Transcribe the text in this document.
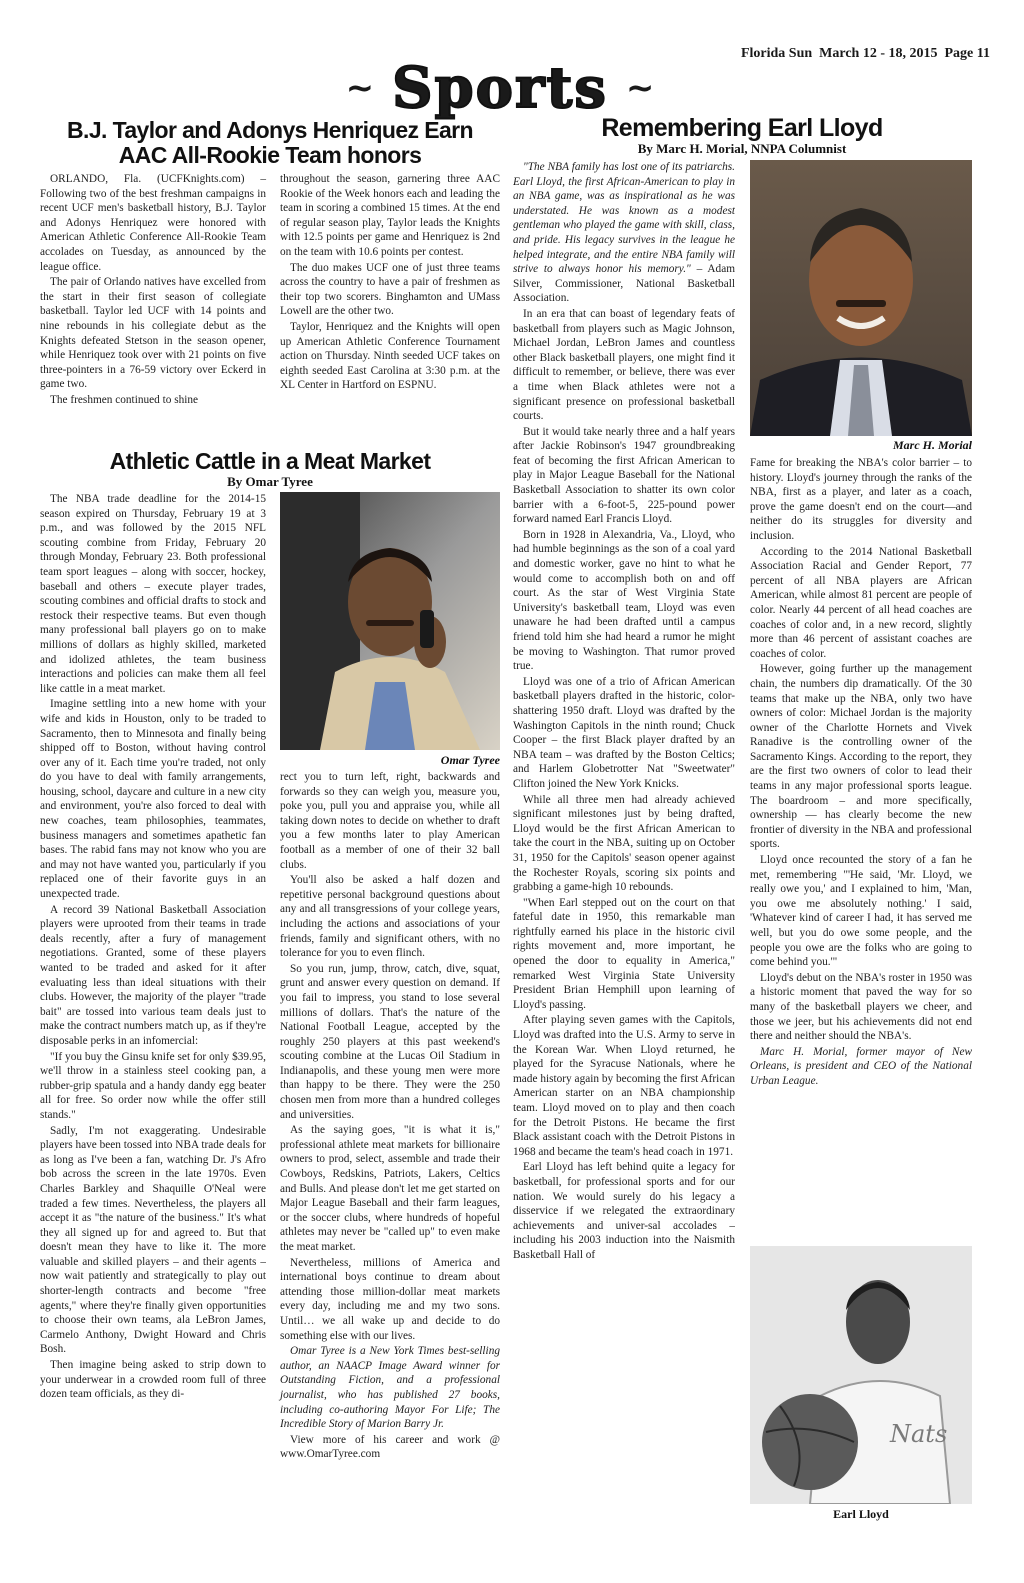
Florida Sun  March 12 - 18, 2015  Page 11
~ Sports ~
B.J. Taylor and Adonys Henriquez Earn
AAC All-Rookie Team honors

ORLANDO, Fla. (UCFKnights.com) – Following two of the best freshman campaigns in recent UCF men's basketball history, B.J. Taylor and Adonys Henriquez were honored with American Athletic Conference All-Rookie Team accolades on Tuesday, as announced by the league office.

The pair of Orlando natives have excelled from the start in their first season of collegiate basketball. Taylor led UCF with 14 points and nine rebounds in his collegiate debut as the Knights defeated Stetson in the season opener, while Henriquez took over with 21 points on five three-pointers in a 76-59 victory over Eckerd in game two.

The freshmen continued to shine

throughout the season, garnering three AAC Rookie of the Week honors each and leading the team in scoring a combined 15 times. At the end of regular season play, Taylor leads the Knights with 12.5 points per game and Henriquez is 2nd on the team with 10.6 points per contest.

The duo makes UCF one of just three teams across the country to have a pair of freshmen as their top two scorers. Binghamton and UMass Lowell are the other two.

Taylor, Henriquez and the Knights will open up American Athletic Conference Tournament action on Thursday. Ninth seeded UCF takes on eighth seeded East Carolina at 3:30 p.m. at the XL Center in Hartford on ESPNU.

Athletic Cattle in a Meat Market
By Omar Tyree

The NBA trade deadline for the 2014-15 season expired on Thursday, February 19 at 3 p.m., and was followed by the 2015 NFL scouting combine from Friday, February 20 through Monday, February 23. Both professional team sport leagues – along with soccer, hockey, baseball and others – execute player trades, scouting combines and official drafts to stock and restock their respective teams. But even though many professional ball players go on to make millions of dollars as highly skilled, marketed and idolized athletes, the team business interactions and policies can make them all feel like cattle in a meat market.

Imagine settling into a new home with your wife and kids in Houston, only to be traded to Sacramento, then to Minnesota and finally being shipped off to Boston, without having control over any of it. Each time you're traded, not only do you have to deal with family arrangements, housing, school, daycare and culture in a new city and environment, you're also forced to deal with new coaches, team philosophies, teammates, business managers and sometimes apathetic fan bases. The rabid fans may not know who you are and may not have wanted you, particularly if you replaced one of their favorite guys in an unexpected trade.

A record 39 National Basketball Association players were uprooted from their teams in trade deals recently, after a fury of management negotiations. Granted, some of these players wanted to be traded and asked for it after evaluating less than ideal situations with their clubs. However, the majority of the player "trade bait" are tossed into various team deals just to make the contract numbers match up, as if they're disposable perks in an infomercial:

"If you buy the Ginsu knife set for only $39.95, we'll throw in a stainless steel cooking pan, a rubber-grip spatula and a handy dandy egg beater all for free. So order now while the offer still stands."

Sadly, I'm not exaggerating. Undesirable players have been tossed into NBA trade deals for as long as I've been a fan, watching Dr. J's Afro bob across the screen in the late 1970s. Even Charles Barkley and Shaquille O'Neal were traded a few times. Nevertheless, the players all accept it as "the nature of the business." It's what they all signed up for and agreed to. But that doesn't mean they have to like it. The more valuable and skilled players – and their agents – now wait patiently and strategically to play out shorter-length contracts and become "free agents," where they're finally given opportunities to choose their own teams, ala LeBron James, Carmelo Anthony, Dwight Howard and Chris Bosh.

Then imagine being asked to strip down to your underwear in a crowded room full of three dozen team officials, as they di-

Omar Tyree

rect you to turn left, right, backwards and forwards so they can weigh you, measure you, poke you, pull you and appraise you, while all taking down notes to decide on whether to draft you a few months later to play American football as a member of one of their 32 ball clubs.

You'll also be asked a half dozen and repetitive personal background questions about any and all transgressions of your college years, including the actions and associations of your friends, family and significant others, with no tolerance for you to even flinch.

So you run, jump, throw, catch, dive, squat, grunt and answer every question on demand. If you fail to impress, you stand to lose several millions of dollars. That's the nature of the National Football League, accepted by the roughly 250 players at this past weekend's scouting combine at the Lucas Oil Stadium in Indianapolis, and these young men were more than happy to be there. They were the 250 chosen men from more than a hundred colleges and universities.

As the saying goes, "it is what it is," professional athlete meat markets for billionaire owners to prod, select, assemble and trade their Cowboys, Redskins, Patriots, Lakers, Celtics and Bulls. And please don't let me get started on Major League Baseball and their farm leagues, or the soccer clubs, where hundreds of hopeful athletes may never be "called up" to even make the meat market.

Nevertheless, millions of America and international boys continue to dream about attending those million-dollar meat markets every day, including me and my two sons. Until… we all wake up and decide to do something else with our lives.

Omar Tyree is a New York Times best-selling author, an NAACP Image Award winner for Outstanding Fiction, and a professional journalist, who has published 27 books, including co-authoring Mayor For Life; The Incredible Story of Marion Barry Jr.

View more of his career and work @ www.OmarTyree.com

Remembering Earl Lloyd
By Marc H. Morial, NNPA Columnist

"The NBA family has lost one of its patriarchs. Earl Lloyd, the first African-American to play in an NBA game, was as inspirational as he was understated. He was known as a modest gentleman who played the game with skill, class, and pride. His legacy survives in the league he helped integrate, and the entire NBA family will strive to always honor his memory." – Adam Silver, Commissioner, National Basketball Association.

In an era that can boast of legendary feats of basketball from players such as Magic Johnson, Michael Jordan, LeBron James and countless other Black basketball players, one might find it difficult to remember, or believe, there was ever a time when Black athletes were not a significant presence on professional basketball courts.

But it would take nearly three and a half years after Jackie Robinson's 1947 groundbreaking feat of becoming the first African American to play in Major League Baseball for the National Basketball Association to shatter its own color barrier with a 6-foot-5, 225-pound power forward named Earl Francis Lloyd.

Born in 1928 in Alexandria, Va., Lloyd, who had humble beginnings as the son of a coal yard and domestic worker, gave no hint to what he would come to accomplish both on and off court. As the star of West Virginia State University's basketball team, Lloyd was even unaware he had been drafted until a campus friend told him she had heard a rumor he might be moving to Washington. That rumor proved true.

Lloyd was one of a trio of African American basketball players drafted in the historic, color-shattering 1950 draft. Lloyd was drafted by the Washington Capitols in the ninth round; Chuck Cooper – the first Black player drafted by an NBA team – was drafted by the Boston Celtics; and Harlem Globetrotter Nat "Sweetwater" Clifton joined the New York Knicks.

While all three men had already achieved significant milestones just by being drafted, Lloyd would be the first African American to take the court in the NBA, suiting up on October 31, 1950 for the Capitols' season opener against the Rochester Royals, scoring six points and grabbing a game-high 10 rebounds.

"When Earl stepped out on the court on that fateful date in 1950, this remarkable man rightfully earned his place in the historic civil rights movement and, more important, he opened the door to equality in America," remarked West Virginia State University President Brian Hemphill upon learning of Lloyd's passing.

After playing seven games with the Capitols, Lloyd was drafted into the U.S. Army to serve in the Korean War. When Lloyd returned, he played for the Syracuse Nationals, where he made history again by becoming the first African American starter on an NBA championship team. Lloyd moved on to play and then coach for the Detroit Pistons. He became the first Black assistant coach with the Detroit Pistons in 1968 and became the team's head coach in 1971.

Earl Lloyd has left behind quite a legacy for basketball, for professional sports and for our nation. We would surely do his legacy a disservice if we relegated the extraordinary achievements and univer-sal accolades – including his 2003 induction into the Naismith Basketball Hall of

Marc H. Morial

Fame for breaking the NBA's color barrier – to history. Lloyd's journey through the ranks of the NBA, first as a player, and later as a coach, prove the game doesn't end on the court—and neither do its struggles for diversity and inclusion.

According to the 2014 National Basketball Association Racial and Gender Report, 77 percent of all NBA players are African American, while almost 81 percent are people of color. Nearly 44 percent of all head coaches are coaches of color and, in a new record, slightly more than 46 percent of assistant coaches are coaches of color.

However, going further up the management chain, the numbers dip dramatically. Of the 30 teams that make up the NBA, only two have owners of color: Michael Jordan is the majority owner of the Charlotte Hornets and Vivek Ranadive is the controlling owner of the Sacramento Kings. According to the report, they are the first two owners of color to lead their teams in any major professional sports league. The boardroom – and more specifically, ownership — has clearly become the new frontier of diversity in the NBA and professional sports.

Lloyd once recounted the story of a fan he met, remembering "'He said, 'Mr. Lloyd, we really owe you,' and I explained to him, 'Man, you owe me absolutely nothing.' I said, 'Whatever kind of career I had, it has served me well, but you do owe some people, and the people you owe are the folks who are going to come behind you.'"

Lloyd's debut on the NBA's roster in 1950 was a historic moment that paved the way for so many of the basketball players we cheer, and those we jeer, but his achievements did not end there and neither should the NBA's.

Marc H. Morial, former mayor of New Orleans, is president and CEO of the National Urban League.

Nats
Earl Lloyd
